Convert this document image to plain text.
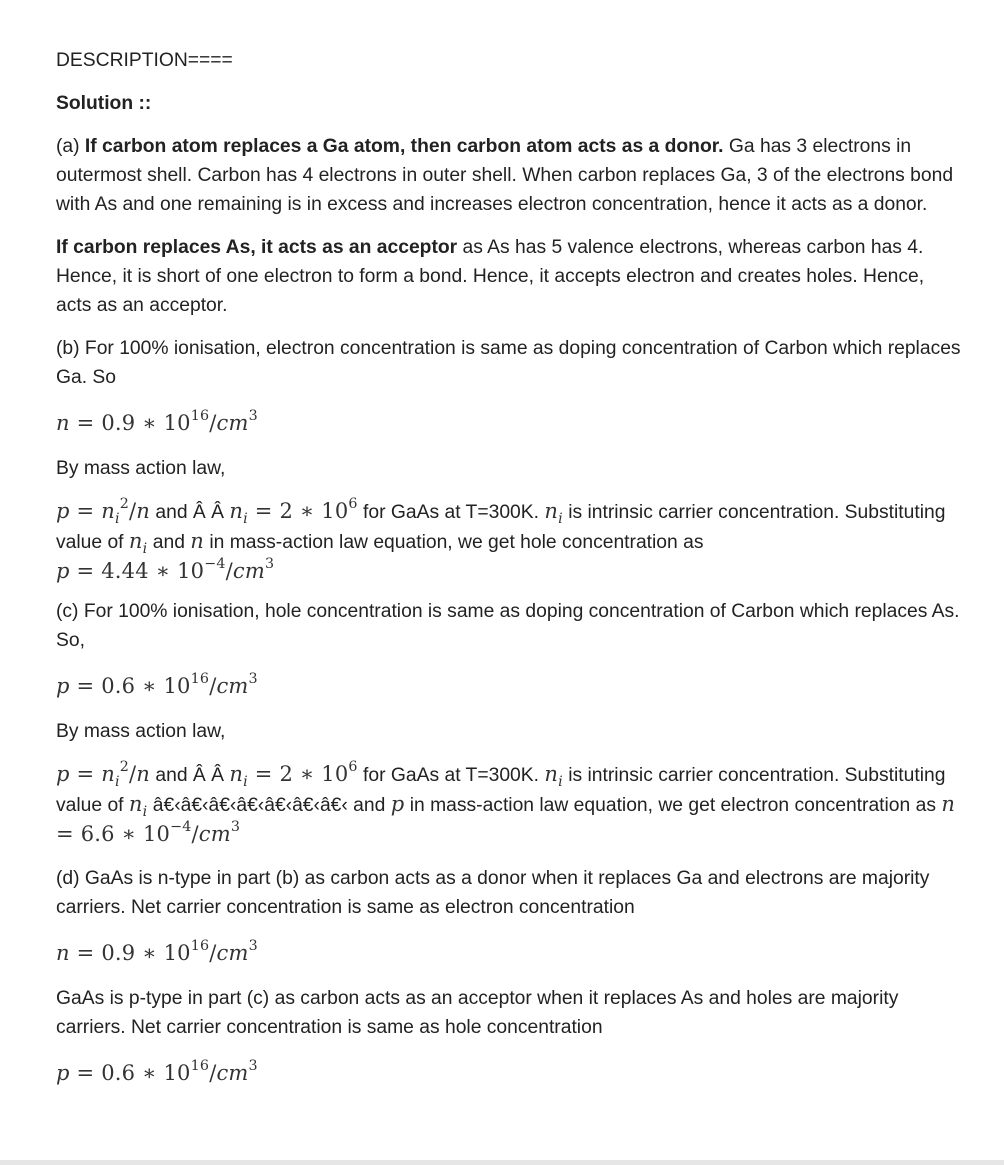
DESCRIPTION====

Solution ::

(a) If carbon atom replaces a Ga atom, then carbon atom acts as a donor. Ga has 3 electrons in outermost shell. Carbon has 4 electrons in outer shell. When carbon replaces Ga, 3 of the electrons bond with As and one remaining is in excess and increases electron concentration, hence it acts as a donor.

If carbon replaces As, it acts as an acceptor as As has 5 valence electrons, whereas carbon has 4. Hence, it is short of one electron to form a bond. Hence, it accepts electron and creates holes. Hence, acts as an acceptor.

(b) For 100% ionisation, electron concentration is same as doping concentration of Carbon which replaces Ga. So

n = 0.9 ∗ $10^{16}/cm^3$

By mass action law,

$p = n_i^2/n$ and Â Â $n_i = 2$ ∗ $10^6$ for GaAs at T=300K. $n_i$ is intrinsic carrier concentration. Substituting value of $n_i$ and n in mass-action law equation, we get hole concentration as
p = 4.44 ∗ $10^{-4}/cm^3$

(c) For 100% ionisation, hole concentration is same as doping concentration of Carbon which replaces As. So,

p = 0.6 ∗ $10^{16}/cm^3$

By mass action law,

$p = n_i^2/n$ and Â Â $n_i = 2$ ∗ $10^6$ for GaAs at T=300K. $n_i$ is intrinsic carrier concentration. Substituting value of $n_i$ â€‹â€‹â€‹â€‹â€‹â€‹â€‹ and p in mass-action law equation, we get electron concentration as n = 6.6 ∗ $10^{-4}/cm^3$

(d) GaAs is n-type in part (b) as carbon acts as a donor when it replaces Ga and electrons are majority carriers. Net carrier concentration is same as electron concentration

n = 0.9 ∗ $10^{16}/cm^3$

GaAs is p-type in part (c) as carbon acts as an acceptor when it replaces As and holes are majority carriers. Net carrier concentration is same as hole concentration

p = 0.6 ∗ $10^{16}/cm^3$
